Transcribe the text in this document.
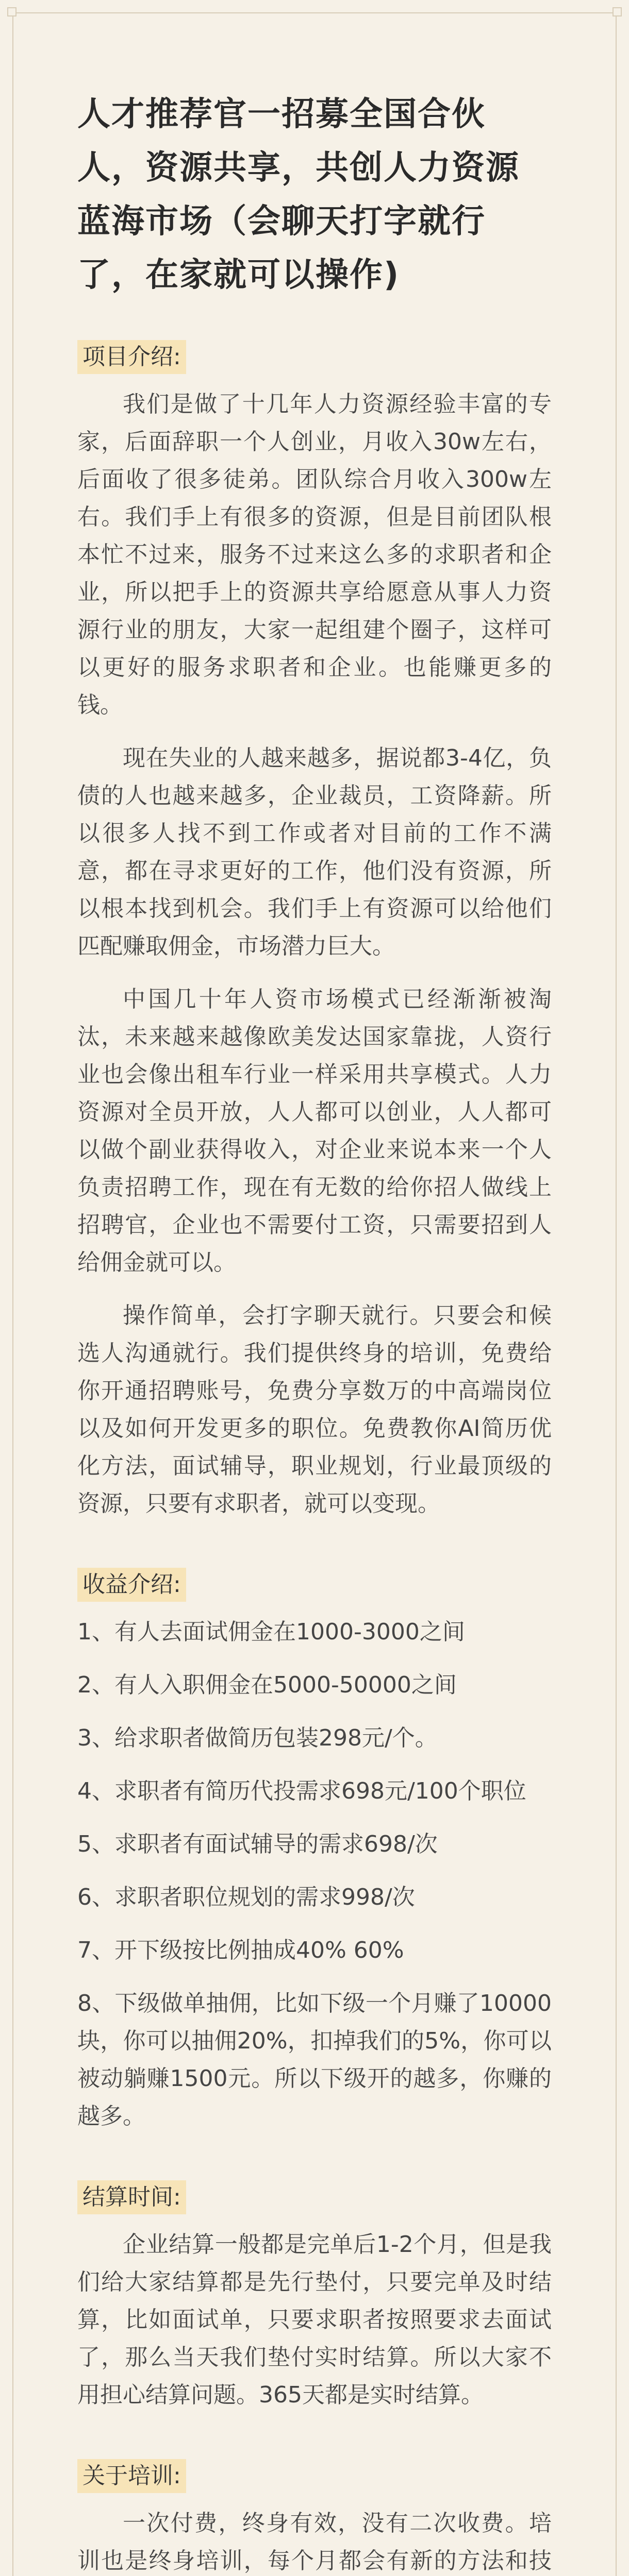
人才推荐官一招募全国合伙人，资源共享，共创人力资源蓝海市场（会聊天打字就行了，在家就可以操作)
项目介绍:

我们是做了十几年人力资源经验丰富的专家，后面辞职一个人创业，月收入30w左右，后面收了很多徒弟。团队综合月收入300w左右。我们手上有很多的资源，但是目前团队根本忙不过来，服务不过来这么多的求职者和企业，所以把手上的资源共享给愿意从事人力资源行业的朋友，大家一起组建个圈子，这样可以更好的服务求职者和企业。也能赚更多的钱。

现在失业的人越来越多，据说都3-4亿，负债的人也越来越多，企业裁员，工资降薪。所以很多人找不到工作或者对目前的工作不满意，都在寻求更好的工作，他们没有资源，所以根本找到机会。我们手上有资源可以给他们匹配赚取佣金，市场潜力巨大。

中国几十年人资市场模式已经渐渐被淘汰，未来越来越像欧美发达国家靠拢，人资行业也会像出租车行业一样采用共享模式。人力资源对全员开放，人人都可以创业，人人都可以做个副业获得收入，对企业来说本来一个人负责招聘工作，现在有无数的给你招人做线上招聘官，企业也不需要付工资，只需要招到人给佣金就可以。

操作简单，会打字聊天就行。只要会和候选人沟通就行。我们提供终身的培训，免费给你开通招聘账号，免费分享数万的中高端岗位以及如何开发更多的职位。免费教你AI简历优化方法，面试辅导，职业规划，行业最顶级的资源，只要有求职者，就可以变现。

收益介绍:

1、有人去面试佣金在1000-3000之间

2、有人入职佣金在5000-50000之间

3、给求职者做简历包装298元/个。

4、求职者有简历代投需求698元/100个职位

5、求职者有面试辅导的需求698/次

6、求职者职位规划的需求998/次

7、开下级按比例抽成40% 60%

8、下级做单抽佣，比如下级一个月赚了10000块，你可以抽佣20%，扣掉我们的5%，你可以被动躺赚1500元。所以下级开的越多，你赚的越多。

结算时间:

企业结算一般都是完单后1-2个月，但是我们给大家结算都是先行垫付，只要完单及时结算，比如面试单，只要求职者按照要求去面试了，那么当天我们垫付实时结算。所以大家不用担心结算问题。365天都是实时结算。

关于培训:

一次付费，终身有效，没有二次收费。培训也是终身培训，每个月都会有新的方法和技
